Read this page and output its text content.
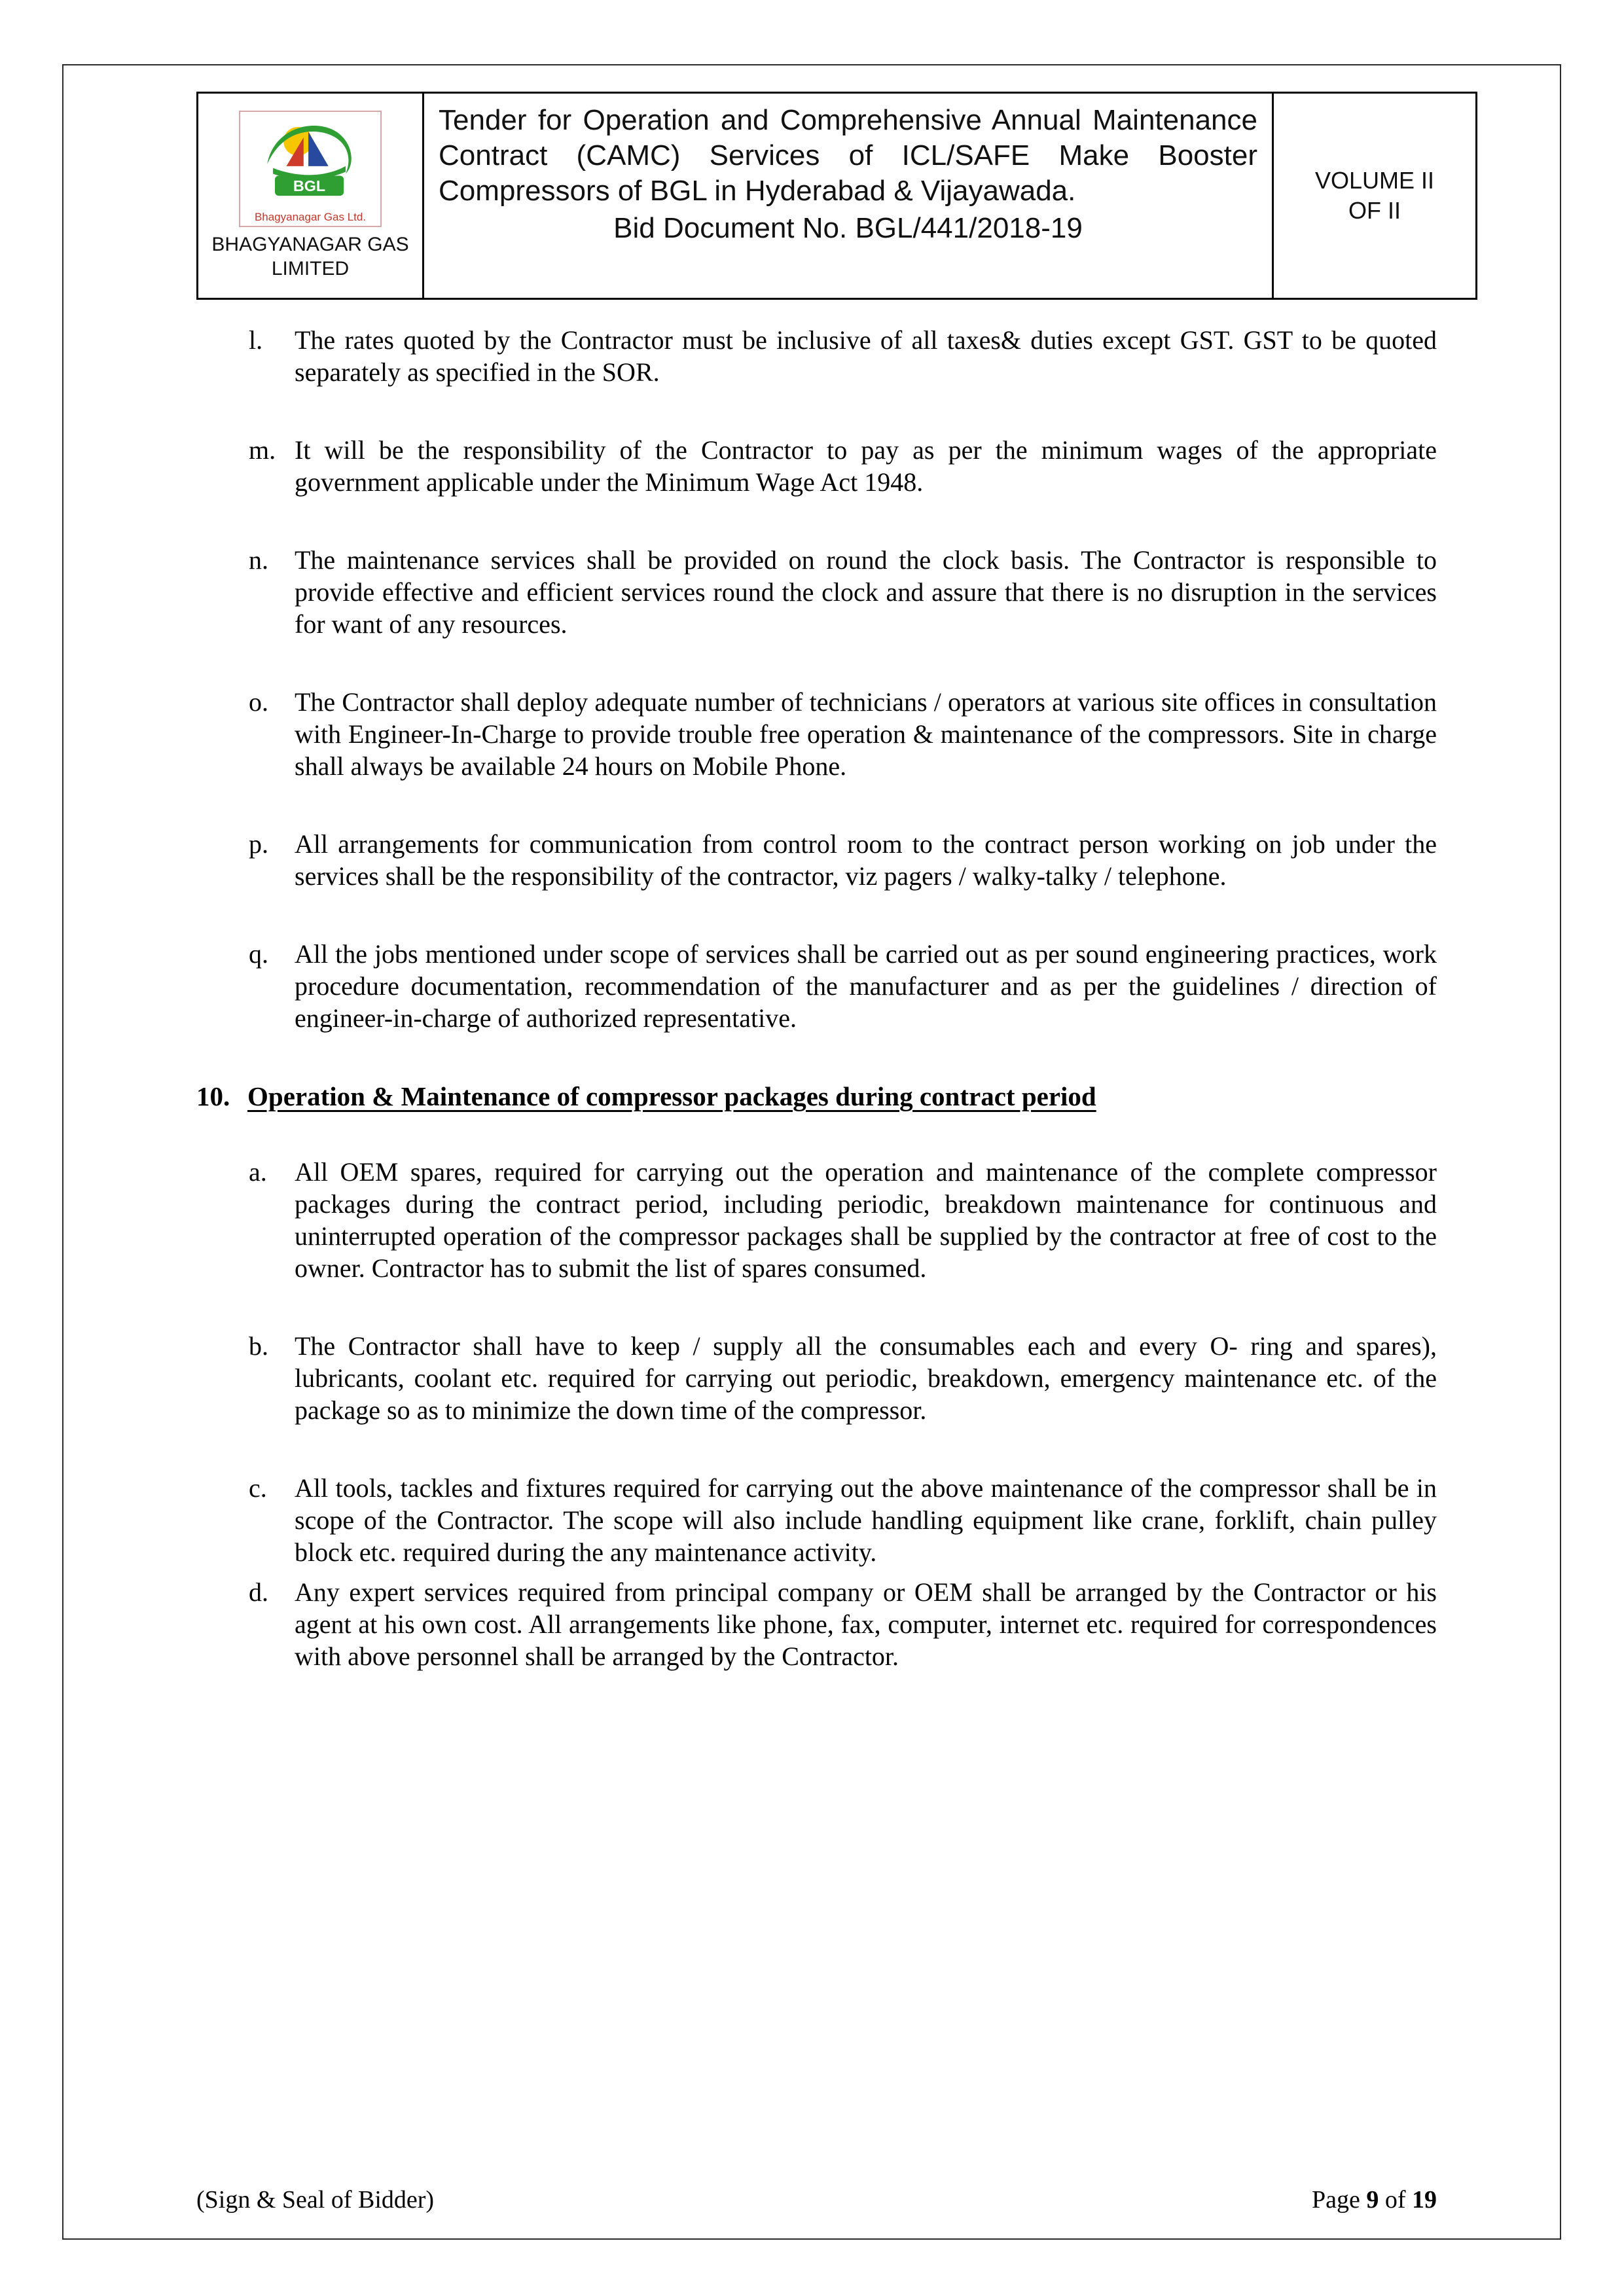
BGL
Bhagyanagar Gas Ltd.
BHAGYANAGAR GAS
LIMITED
Tender for Operation and Comprehensive Annual Maintenance Contract (CAMC) Services of ICL/SAFE Make Booster Compressors of BGL in Hyderabad & Vijayawada.
Bid Document No. BGL/441/2018-19
VOLUME II
OF II
l. The rates quoted by the Contractor must be inclusive of all taxes& duties except GST. GST to be quoted separately as specified in the SOR.
m. It will be the responsibility of the Contractor to pay as per the minimum wages of the appropriate government applicable under the Minimum Wage Act 1948.
n. The maintenance services shall be provided on round the clock basis. The Contractor is responsible to provide effective and efficient services round the clock and assure that there is no disruption in the services for want of any resources.
o. The Contractor shall deploy adequate number of technicians / operators at various site offices in consultation with Engineer-In-Charge to provide trouble free operation & maintenance of the compressors. Site in charge shall always be available 24 hours on Mobile Phone.
p. All arrangements for communication from control room to the contract person working on job under the services shall be the responsibility of the contractor, viz pagers / walky-talky / telephone.
q. All the jobs mentioned under scope of services shall be carried out as per sound engineering practices, work procedure documentation, recommendation of the manufacturer and as per the guidelines / direction of engineer-in-charge of authorized representative.
10. Operation & Maintenance of compressor packages during contract period
a. All OEM spares, required for carrying out the operation and maintenance of the complete compressor packages during the contract period, including periodic, breakdown maintenance for continuous and uninterrupted operation of the compressor packages shall be supplied by the contractor at free of cost to the owner. Contractor has to submit the list of spares consumed.
b. The Contractor shall have to keep / supply all the consumables each and every O- ring and spares), lubricants, coolant etc. required for carrying out periodic, breakdown, emergency maintenance etc. of the package so as to minimize the down time of the compressor.
c. All tools, tackles and fixtures required for carrying out the above maintenance of the compressor shall be in scope of the Contractor. The scope will also include handling equipment like crane, forklift, chain pulley block etc. required during the any maintenance activity.
d. Any expert services required from principal company or OEM shall be arranged by the Contractor or his agent at his own cost. All arrangements like phone, fax, computer, internet etc. required for correspondences with above personnel shall be arranged by the Contractor.
(Sign & Seal of Bidder)	Page 9 of 19
